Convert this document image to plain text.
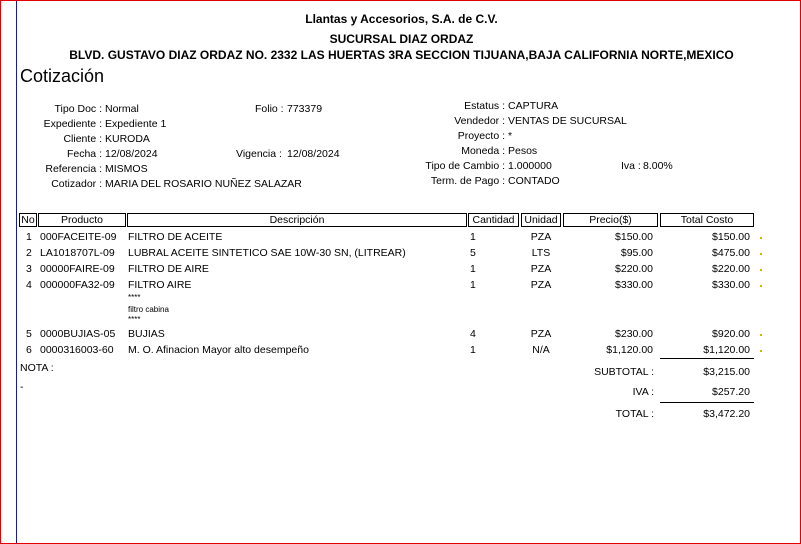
Llantas y Accesorios, S.A. de C.V.
SUCURSAL DIAZ ORDAZ
BLVD. GUSTAVO DIAZ ORDAZ NO. 2332 LAS HUERTAS 3RA SECCION TIJUANA,BAJA CALIFORNIA NORTE,MEXICO
Cotización
Tipo Doc : Normal
Expediente : Expediente 1
Cliente : KURODA
Fecha : 12/08/2024
Referencia : MISMOS
Cotizador : MARIA DEL ROSARIO NUÑEZ SALAZAR
Folio : 773379
Vigencia : 12/08/2024
Estatus : CAPTURA
Vendedor : VENTAS DE SUCURSAL
Proyecto : *
Moneda : Pesos
Tipo de Cambio : 1.000000	Iva : 8.00%
Term. de Pago : CONTADO
No	Producto	Descripción	Cantidad Unidad	Precio($)	Total Costo
1 000FACEITE-09 FILTRO DE ACEITE	1	PZA	$150.00	$150.00
2 LA1018707L-09 LUBRAL ACEITE SINTETICO SAE 10W-30 SN, (LITREAR)	5	LTS	$95.00	$475.00
3 00000FAIRE-09 FILTRO DE AIRE	1	PZA	$220.00	$220.00
4 000000FA32-09 FILTRO AIRE	1	PZA	$330.00	$330.00
****
filtro cabina
****
5 0000BUJIAS-05 BUJIAS	4	PZA	$230.00	$920.00
6 0000316003-60 M. O. Afinacion Mayor alto desempeño	1	N/A	$1,120.00	$1,120.00
NOTA :
-
SUBTOTAL :	$3,215.00
IVA :	$257.20
TOTAL :	$3,472.20
